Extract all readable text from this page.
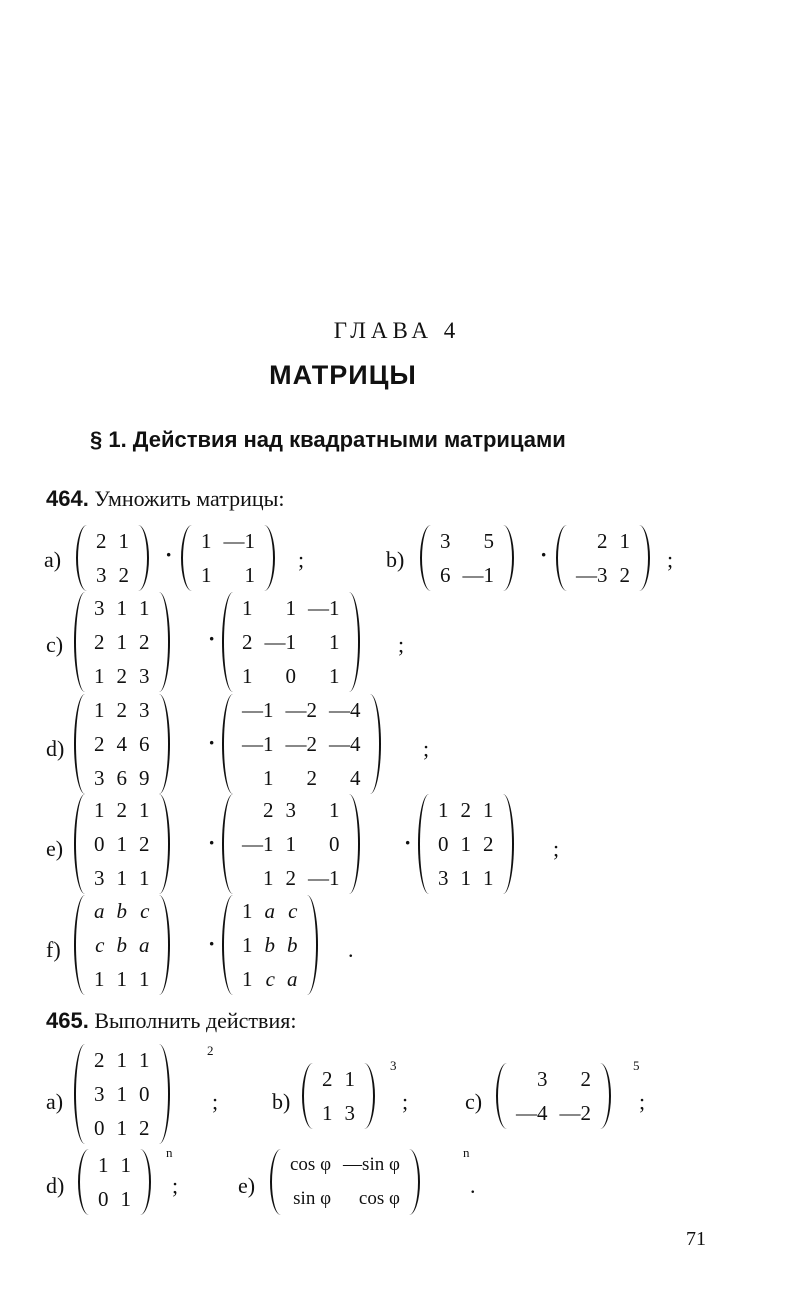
ГЛАВА 4
МАТРИЦЫ
§ 1. Действия над квадратными матрицами
464. Умножить матрицы:
a)
2 1
3 2
·
1 —1
1	1
;	b)
3	5
6 —1
·
2 1
—3 2
;
c)
3 1 1
2 1 2
1 2 3
·
1	1 —1
2 —1	1
1	0	1
;
d)
1 2 3
2 4 6
3 6 9
·
—1 —2 —4
—1 —2 —4
1	2	4
;
e)
1 2 1
0 1 2
3 1 1
·
2 3	1
—1 1	0
1 2 —1
·
1 2 1
0 1 2
3 1 1
;
f)
a b c
c b a
1 1 1
·
1 a c
1 b b
1 c a
.
465. Выполнить действия:
a)
2 1 1
3 1 0
0 1 2
2
; b)
2 1
1 3
3
;	c)
3	2
—4 —2
5
;
d)
1 1
0 1
n
;	e)
cos φ —sin φ
sin φ	cos φ
n
.
71
